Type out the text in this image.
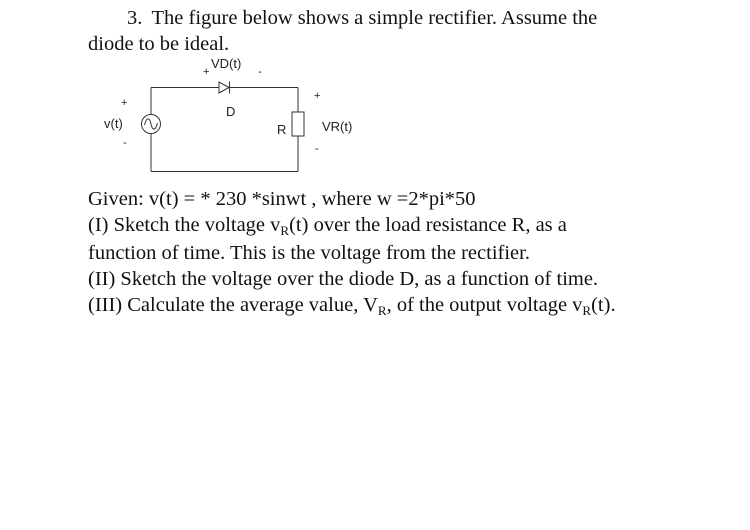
3. The figure below shows a simple rectifier. Assume the
diode to be ideal.
VD(t)
+	-
D
+
v(t)
-
R
+
VR(t)
-
Given: v(t) = * 230 *sinwt , where w =2*pi*50
(I) Sketch the voltage $v_R(t)$ over the load resistance R, as a
function of time. This is the voltage from the rectifier.
(II) Sketch the voltage over the diode D, as a function of time.
(III) Calculate the average value, $V_R$, of the output voltage $v_R(t)$.
